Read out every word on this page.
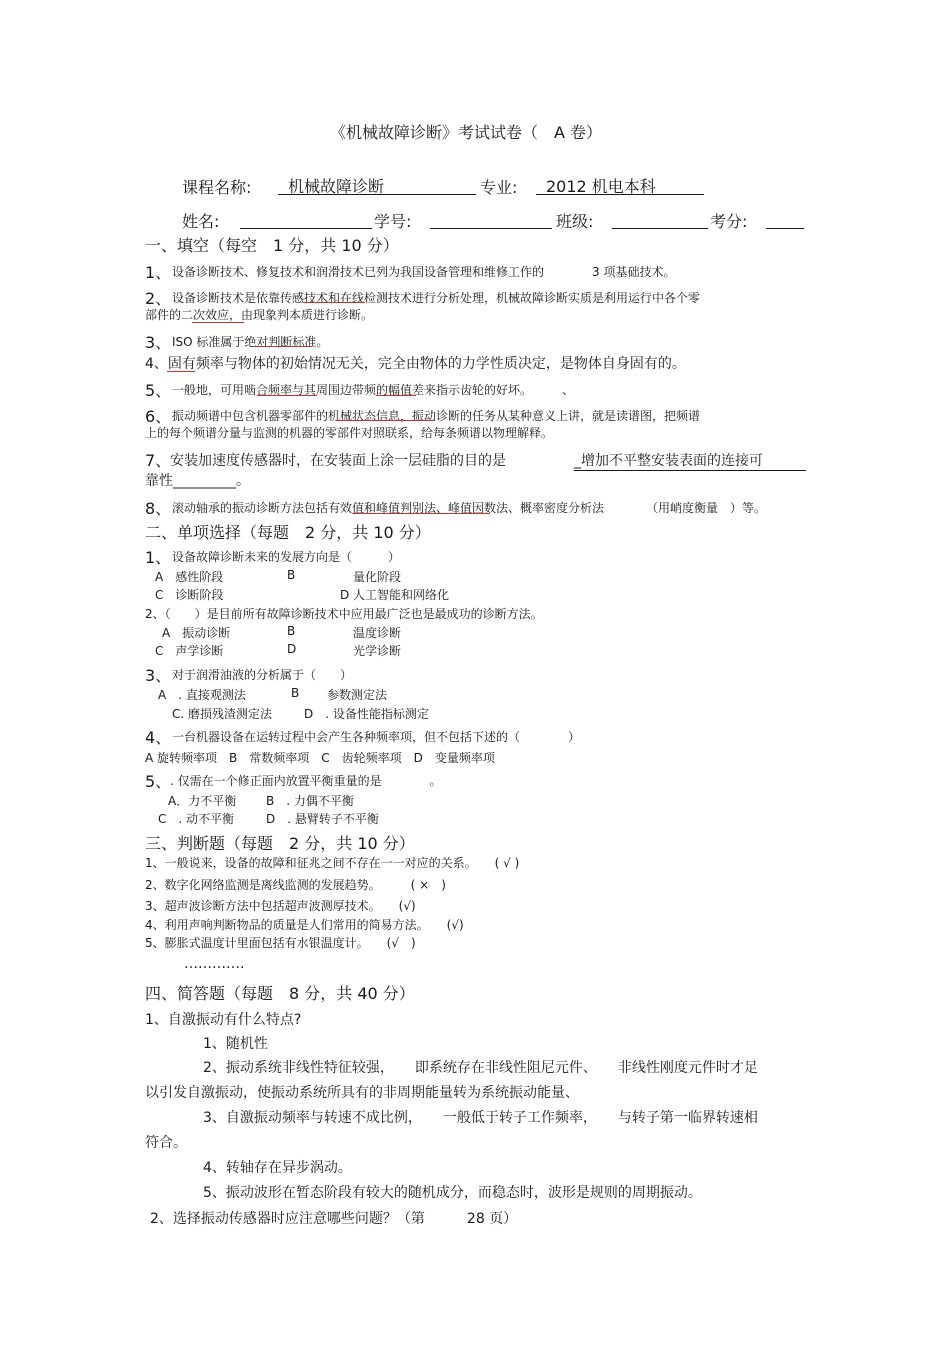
《机械故障诊断》考试试卷（　A 卷）
课程名称:	机械故障诊断	专业:	2012 机电本科
姓名:	学号:	班级:	考分:
一、填空（每空　1 分，共 10 分）
1、 设备诊断技术、修复技术和润滑技术已列为我国设备管理和维修工作的　　　　3 项基础技术。
2、 设备诊断技术是依靠传感技术和在线检测技术进行分析处理，机械故障诊断实质是利用运行中各个零
部件的二次效应，由现象判本质进行诊断。
3、 ISO 标准属于绝对判断标准。
4、固有频率与物体的初始情况无关，完全由物体的力学性质决定，是物体自身固有的。
5、 一般地，可用啮合频率与其周围边带频的幅值差来指示齿轮的好坏。　　　、
6、 振动频谱中包含机器零部件的机械状态信息，振动诊断的任务从某种意义上讲，就是读谱图，把频谱
上的每个频谱分量与监测的机器的零部件对照联系，给每条频谱以物理解释。
7、
安装加速度传感器时，在安装面上涂一层硅脂的目的是	_增加不平整安装表面的连接可
靠性_________。
8、 滚动轴承的振动诊断方法包括有效值和峰值判别法、峰值因数法、概率密度分析法　　　　（用峭度衡量　）等。
二、单项选择（每题　2 分，共 10 分）
1、 设备故障诊断未来的发展方向是（　　　）
A　感性阶段	B	量化阶段
C　诊断阶段	D 人工智能和网络化
2、（　　）是目前所有故障诊断技术中应用最广泛也是最成功的诊断方法。
A　振动诊断	B	温度诊断
C　声学诊断	D	光学诊断
3、 对于润滑油液的分析属于（　　）
A　. 直接观测法	B 参数测定法
C. 磨损残渣测定法	D　. 设备性能指标测定
4、 一台机器设备在运转过程中会产生各种频率项，但不包括下述的（　　　　）
A 旋转频率项　B　常数频率项　C　齿轮频率项　D　变量频率项
5、
. 仅需在一个修正面内放置平衡重量的是　　　　。
A．力不平衡 B　. 力偶不平衡
C　. 动不平衡	D　. 悬臂转子不平衡
三、判断题（每题　2 分，共 10 分）
1、一般说来，设备的故障和征兆之间不存在一一对应的关系。　　( √ )
2、数字化网络监测是离线监测的发展趋势。　　　( ×　)
3、超声波诊断方法中包括超声波测厚技术。　　(√)
4、利用声响判断物品的质量是人们常用的简易方法。　　(√)
5、膨胀式温度计里面包括有水银温度计。　　(√　)
………….
四、简答题（每题　8 分，共 40 分）
1、自激振动有什么特点?
1、随机性
2、振动系统非线性特征较强，　　即系统存在非线性阻尼元件、　　非线性刚度元件时才足
以引发自激振动，使振动系统所具有的非周期能量转为系统振动能量、
3、自激振动频率与转速不成比例，　　一般低于转子工作频率，　　与转子第一临界转速相
符合。
4、转轴存在异步涡动。
5、振动波形在暂态阶段有较大的随机成分，而稳态时，波形是规则的周期振动。
2、选择振动传感器时应注意哪些问题？（第　　　28 页）
